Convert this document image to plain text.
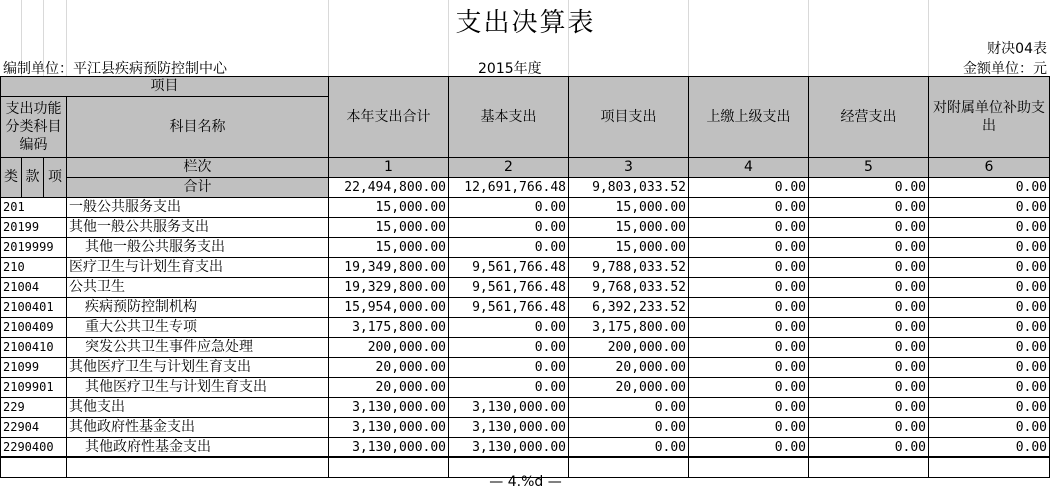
支出决算表
财决04表
编制单位：平江县疾病预防控制中心	2015年度	金额单位：元
项目				本年支出合计	基本支出	项目支出	上缴上级支出	经营支出	对附属单位补助支出
支出功能分类科目编码			科目名称						

类	款	项	栏次	1	2	3	4	5	6
			合计	22,494,800.00	12,691,766.48	9,803,033.52	0.00	0.00	0.00
201			一般公共服务支出	15,000.00	0.00	15,000.00	0.00	0.00	0.00
20199			其他一般公共服务支出	15,000.00	0.00	15,000.00	0.00	0.00	0.00
2019999			其他一般公共服务支出	15,000.00	0.00	15,000.00	0.00	0.00	0.00
210			医疗卫生与计划生育支出	19,349,800.00	9,561,766.48	9,788,033.52	0.00	0.00	0.00
21004			公共卫生	19,329,800.00	9,561,766.48	9,768,033.52	0.00	0.00	0.00
2100401			疾病预防控制机构	15,954,000.00	9,561,766.48	6,392,233.52	0.00	0.00	0.00
2100409			重大公共卫生专项	3,175,800.00	0.00	3,175,800.00	0.00	0.00	0.00
2100410			突发公共卫生事件应急处理	200,000.00	0.00	200,000.00	0.00	0.00	0.00
21099			其他医疗卫生与计划生育支出	20,000.00	0.00	20,000.00	0.00	0.00	0.00
2109901			其他医疗卫生与计划生育支出	20,000.00	0.00	20,000.00	0.00	0.00	0.00
229			其他支出	3,130,000.00	3,130,000.00	0.00	0.00	0.00	0.00
22904			其他政府性基金支出	3,130,000.00	3,130,000.00	0.00	0.00	0.00	0.00
2290400			其他政府性基金支出	3,130,000.00	3,130,000.00	0.00	0.00	0.00	0.00

— 4.%d —
